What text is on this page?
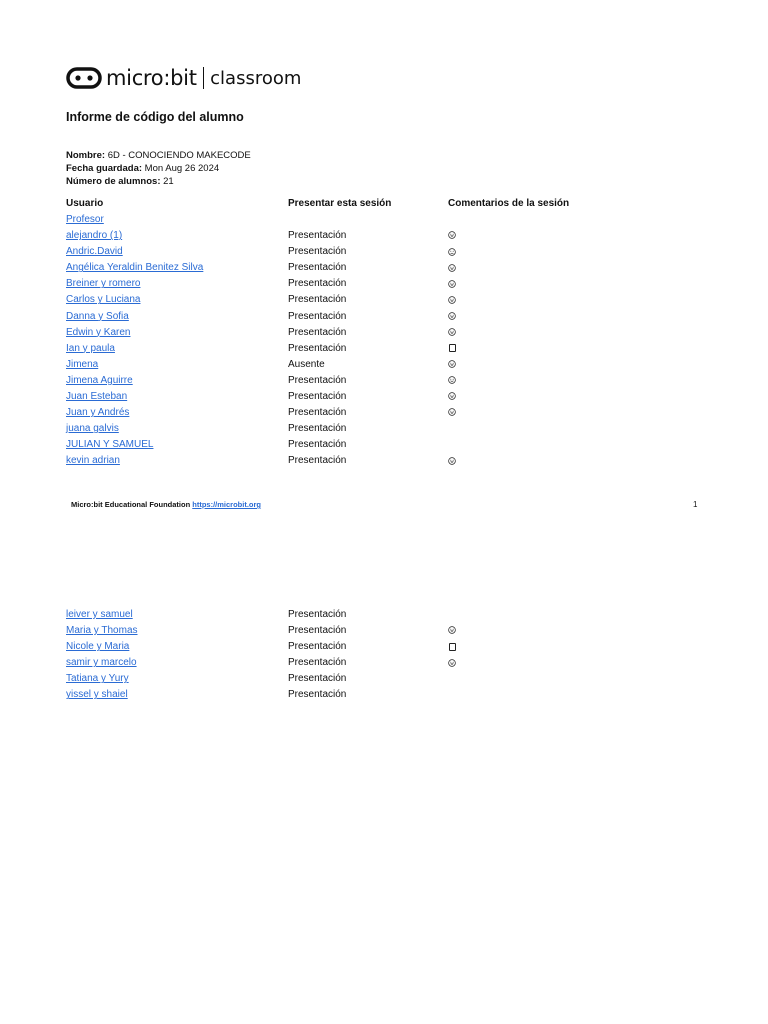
micro:bit classroom
Informe de código del alumno
Nombre: 6D - CONOCIENDO MAKECODE
Fecha guardada: Mon Aug 26 2024
Número de alumnos: 21
Usuario	Presentar esta sesión	Comentarios de la sesión
Profesor
alejandro (1)	Presentación
Andric.David	Presentación
Angélica Yeraldin Benitez Silva	Presentación
Breiner y romero	Presentación
Carlos y Luciana	Presentación
Danna y Sofia	Presentación
Edwin y Karen	Presentación
Ian y paula	Presentación
Jimena	Ausente
Jimena Aguirre	Presentación
Juan Esteban	Presentación
Juan y Andrés	Presentación
juana galvis	Presentación
JULIAN Y SAMUEL	Presentación
kevin adrian	Presentación
Micro:bit Educational Foundation https://microbit.org	1
leiver y samuel	Presentación
Maria y Thomas	Presentación
Nicole y Maria	Presentación
samir y marcelo	Presentación
Tatiana y Yury	Presentación
yissel y shaiel	Presentación
